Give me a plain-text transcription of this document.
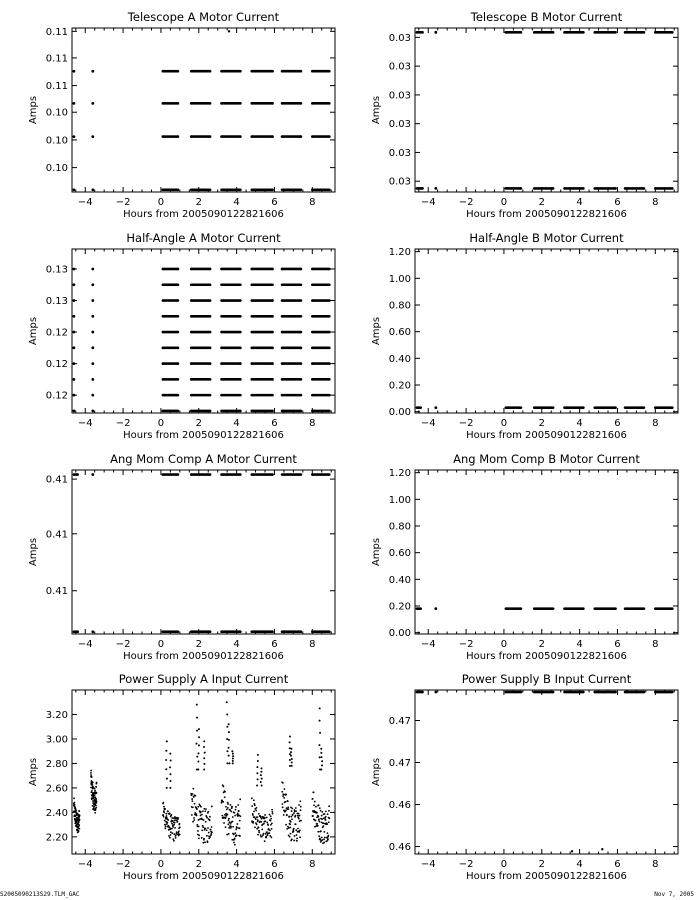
Telescope A Motor Current
Hours from 2005090122821606
Amps
−4 −2	0	2	4	6	8
0.10
0.10
0.10
0.11
0.11
0.11
Telescope B Motor Current
Hours from 2005090122821606
Amps
−4 −2	0	2	4	6	8
0.03
0.03
0.03
0.03
0.03
0.03
Half-Angle A Motor Current
Hours from 2005090122821606
Amps
−4 −2	0	2	4	6	8
0.12
0.12
0.12
0.13
0.13
Half-Angle B Motor Current
Hours from 2005090122821606
Amps
−4 −2	0	2	4	6	8
0.00
0.20
0.40
0.60
0.80
1.00
1.20
Ang Mom Comp A Motor Current
Hours from 2005090122821606
Amps
−4 −2	0	2	4	6	8
0.41
0.41
0.41
Ang Mom Comp B Motor Current
Hours from 2005090122821606
Amps
−4 −2	0	2	4	6	8
0.00
0.20
0.40
0.60
0.80
1.00
1.20
Power Supply A Input Current
Hours from 2005090122821606
Amps
−4 −2	0	2	4	6	8
2.20
2.40
2.60
2.80
3.00
3.20
Power Supply B Input Current
Hours from 2005090122821606
Amps
−4 −2	0	2	4	6	8
0.46
0.46
0.47
0.47
S2005090213S29.TLM_GAC	Nov 7, 2005
